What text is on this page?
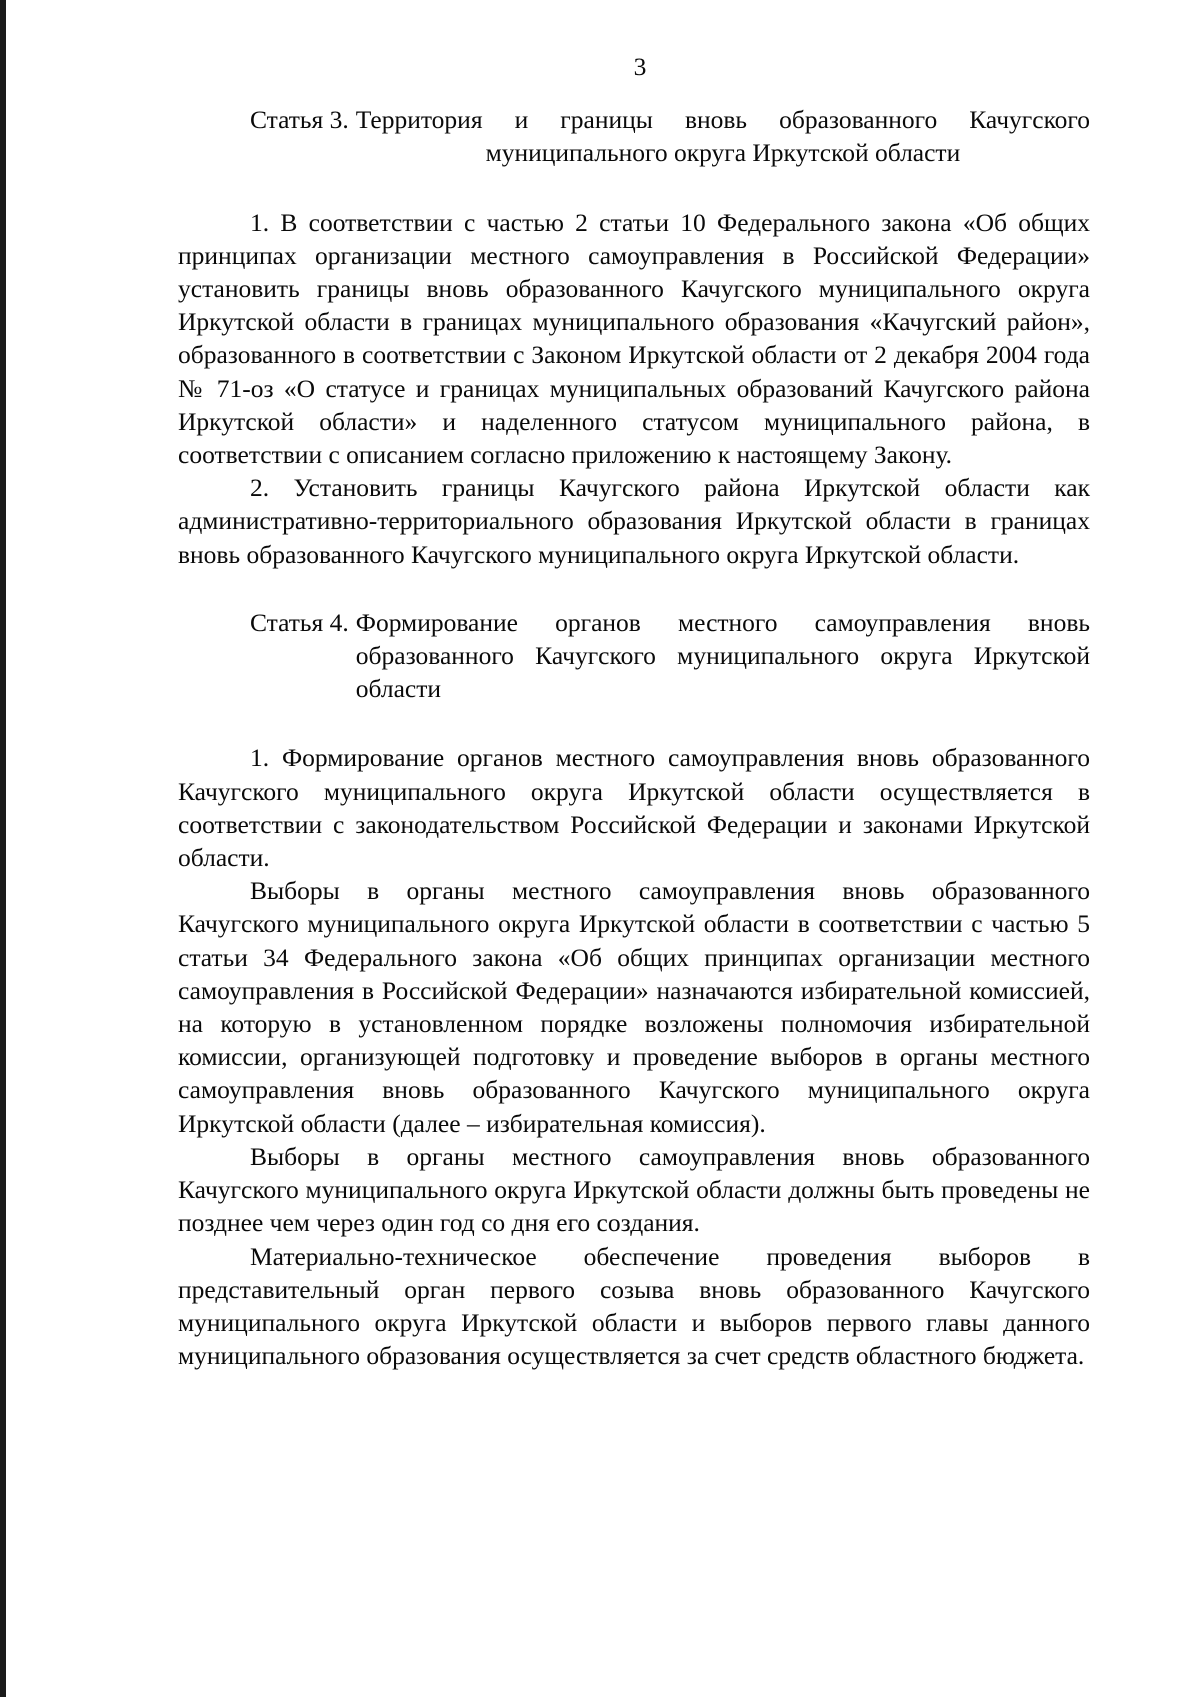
3
Статья 3. Территория и границы вновь образованного Качугского муниципального округа Иркутской области

1. В соответствии с частью 2 статьи 10 Федерального закона «Об общих принципах организации местного самоуправления в Российской Федерации» установить границы вновь образованного Качугского муниципального округа Иркутской области в границах муниципального образования «Качугский район», образованного в соответствии с Законом Иркутской области от 2 декабря 2004 года № 71-оз «О статусе и границах муниципальных образований Качугского района Иркутской области» и наделенного статусом муниципального района, в соответствии с описанием согласно приложению к настоящему Закону.

2. Установить границы Качугского района Иркутской области как административно-территориального образования Иркутской области в границах вновь образованного Качугского муниципального округа Иркутской области.

Статья 4. Формирование органов местного самоуправления вновь образованного Качугского муниципального округа Иркутской области

1. Формирование органов местного самоуправления вновь образованного Качугского муниципального округа Иркутской области осуществляется в соответствии с законодательством Российской Федерации и законами Иркутской области.

Выборы в органы местного самоуправления вновь образованного Качугского муниципального округа Иркутской области в соответствии с частью 5 статьи 34 Федерального закона «Об общих принципах организации местного самоуправления в Российской Федерации» назначаются избирательной комиссией, на которую в установленном порядке возложены полномочия избирательной комиссии, организующей подготовку и проведение выборов в органы местного самоуправления вновь образованного Качугского муниципального округа Иркутской области (далее – избирательная комиссия).

Выборы в органы местного самоуправления вновь образованного Качугского муниципального округа Иркутской области должны быть проведены не позднее чем через один год со дня его создания.

Материально-техническое обеспечение проведения выборов в представительный орган первого созыва вновь образованного Качугского муниципального округа Иркутской области и выборов первого главы данного муниципального образования осуществляется за счет средств областного бюджета.
